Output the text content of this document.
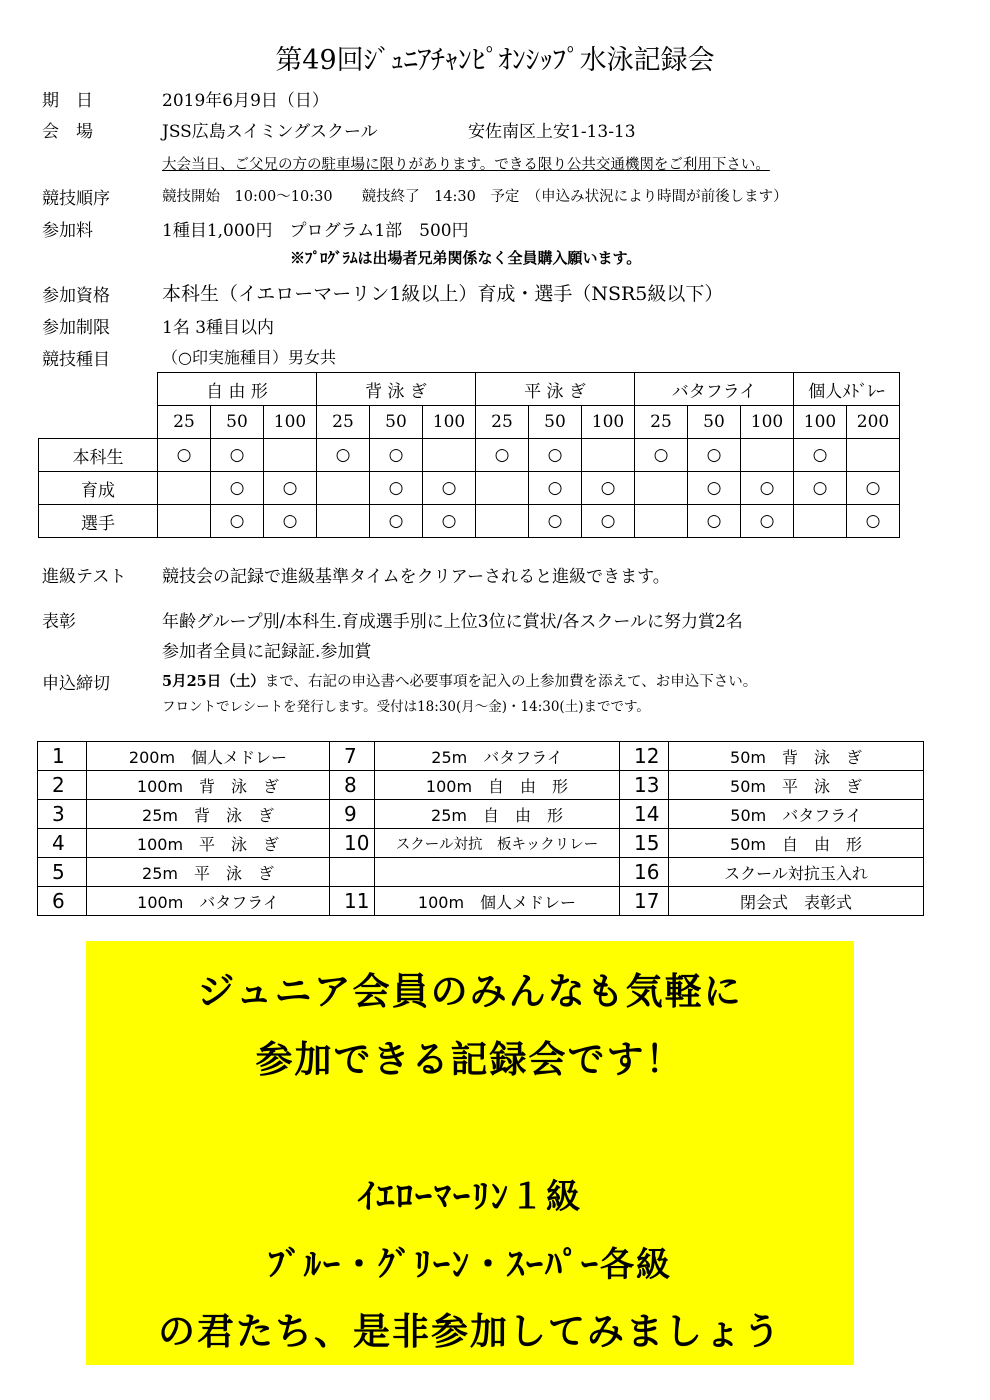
第49回ｼﾞｭﾆｱﾁｬﾝﾋﾟｵﾝｼｯﾌﾟ水泳記録会
期　日	2019年6月9日（日）
会　場	JSS広島スイミングスクール	安佐南区上安1-13-13
大会当日、ご父兄の方の駐車場に限りがあります。できる限り公共交通機関をご利用下さい。
競技順序	競技開始　10:00～10:30　　競技終了　14:30　予定　（申込み状況により時間が前後します）
参加料	1種目1,000円　プログラム1部　500円
※ﾌﾟﾛｸﾞﾗﾑは出場者兄弟関係なく全員購入願います。
参加資格	本科生（イエローマーリン1級以上）育成・選手（NSR5級以下）
参加制限	1名 3種目以内
競技種目	（○印実施種目）男女共
	自 由 形			背 泳 ぎ			平 泳 ぎ			バタフライ			個人ﾒﾄﾞﾚｰ	
	25	50	100	25	50	100	25	50	100	25	50	100	100	200
本科生	○	○		○	○		○	○		○	○		○	
育成		○	○		○	○		○	○		○	○	○	○
選手		○	○		○	○		○	○		○	○		○
進級テスト	競技会の記録で進級基準タイムをクリアーされると進級できます。
表彰	年齢グループ別/本科生.育成選手別に上位3位に賞状/各スクールに努力賞2名
参加者全員に記録証.参加賞
申込締切	5月25日（土）まで、右記の申込書へ必要事項を記入の上参加費を添えて、お申込下さい。
フロントでレシートを発行します。受付は18:30(月～金)・14:30(土)までです。
1	200m　個人メドレー	7	25m　バタフライ	12	50m　背　泳　ぎ
2	100m　背　泳　ぎ	8	100m　自　由　形	13	50m　平　泳　ぎ
3	25m　背　泳　ぎ	9	25m　自　由　形	14	50m　バタフライ
4	100m　平　泳　ぎ	10	スクール対抗　板キックリレー	15	50m　自　由　形
5	25m　平　泳　ぎ			16	スクール対抗玉入れ
6	100m　バタフライ	11	100m　個人メドレー	17	閉会式　表彰式
ジュニア会員のみんなも気軽に
参加できる記録会です！
ｲｴﾛｰﾏｰﾘﾝ１級
ﾌﾞﾙｰ・ｸﾞﾘｰﾝ・ｽｰﾊﾟｰ各級
の君たち、是非参加してみましょう
